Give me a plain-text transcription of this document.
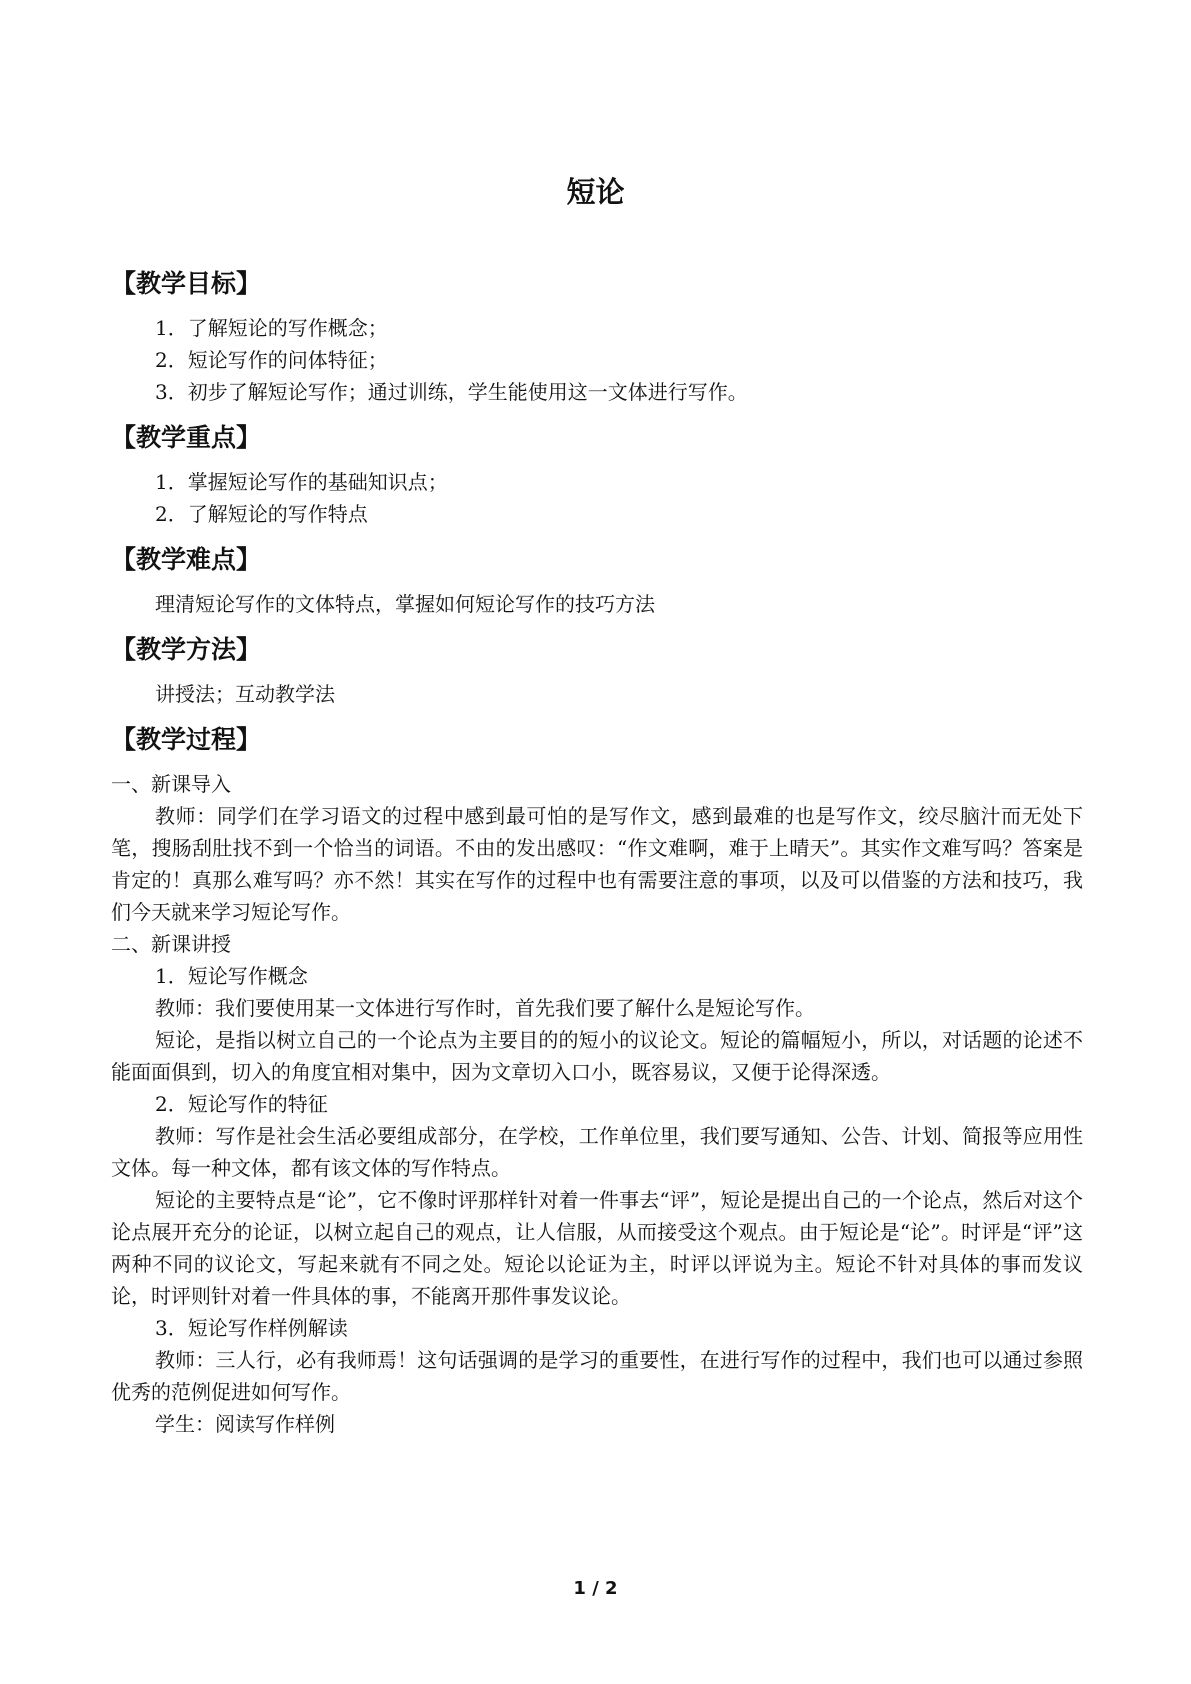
短论
【教学目标】
1．了解短论的写作概念；
2．短论写作的问体特征；
3．初步了解短论写作；通过训练，学生能使用这一文体进行写作。
【教学重点】
1．掌握短论写作的基础知识点；
2．了解短论的写作特点
【教学难点】
理清短论写作的文体特点，掌握如何短论写作的技巧方法
【教学方法】
讲授法；互动教学法
【教学过程】
一、新课导入
教师：同学们在学习语文的过程中感到最可怕的是写作文，感到最难的也是写作文，绞尽脑汁而无处下笔，搜肠刮肚找不到一个恰当的词语。不由的发出感叹：“作文难啊，难于上晴天”。其实作文难写吗？答案是肯定的！真那么难写吗？亦不然！其实在写作的过程中也有需要注意的事项，以及可以借鉴的方法和技巧，我们今天就来学习短论写作。
二、新课讲授
1．短论写作概念
教师：我们要使用某一文体进行写作时，首先我们要了解什么是短论写作。
短论，是指以树立自己的一个论点为主要目的的短小的议论文。短论的篇幅短小，所以，对话题的论述不能面面俱到，切入的角度宜相对集中，因为文章切入口小，既容易议，又便于论得深透。
2．短论写作的特征
教师：写作是社会生活必要组成部分，在学校，工作单位里，我们要写通知、公告、计划、简报等应用性文体。每一种文体，都有该文体的写作特点。
短论的主要特点是“论”，它不像时评那样针对着一件事去“评”，短论是提出自己的一个论点，然后对这个论点展开充分的论证，以树立起自己的观点，让人信服，从而接受这个观点。由于短论是“论”。时评是“评”这两种不同的议论文，写起来就有不同之处。短论以论证为主，时评以评说为主。短论不针对具体的事而发议论，时评则针对着一件具体的事，不能离开那件事发议论。
3．短论写作样例解读
教师：三人行，必有我师焉！这句话强调的是学习的重要性，在进行写作的过程中，我们也可以通过参照优秀的范例促进如何写作。
学生：阅读写作样例
1 / 2
